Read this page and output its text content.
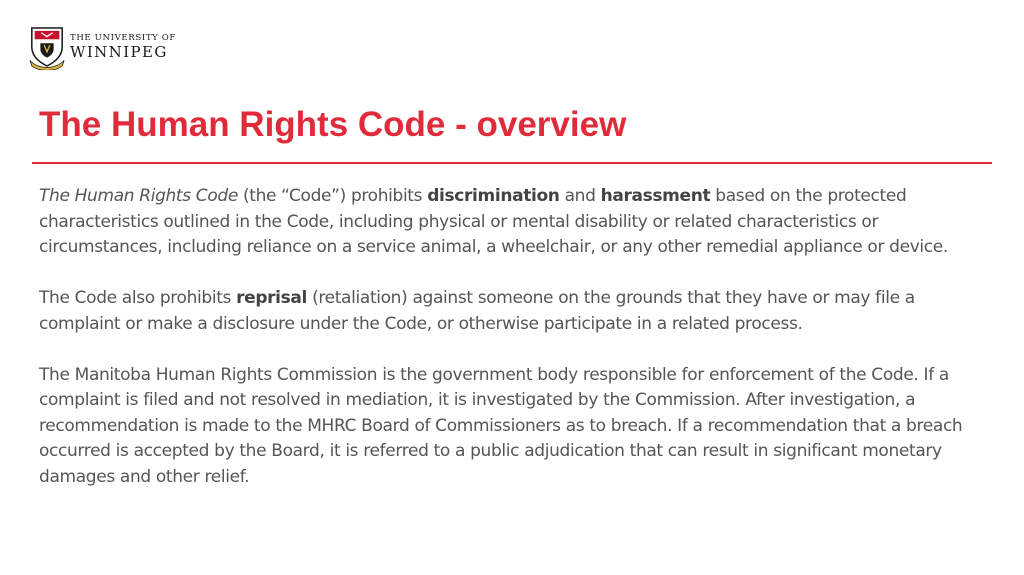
THE UNIVERSITY OF
WINNIPEG
The Human Rights Code - overview

The Human Rights Code (the “Code”) prohibits discrimination and harassment based on the protected characteristics outlined in the Code, including physical or mental disability or related characteristics or circumstances, including reliance on a service animal, a wheelchair, or any other remedial appliance or device.

The Code also prohibits reprisal (retaliation) against someone on the grounds that they have or may file a complaint or make a disclosure under the Code, or otherwise participate in a related process.

The Manitoba Human Rights Commission is the government body responsible for enforcement of the Code. If a complaint is filed and not resolved in mediation, it is investigated by the Commission. After investigation, a recommendation is made to the MHRC Board of Commissioners as to breach. If a recommendation that a breach occurred is accepted by the Board, it is referred to a public adjudication that can result in significant monetary damages and other relief.
